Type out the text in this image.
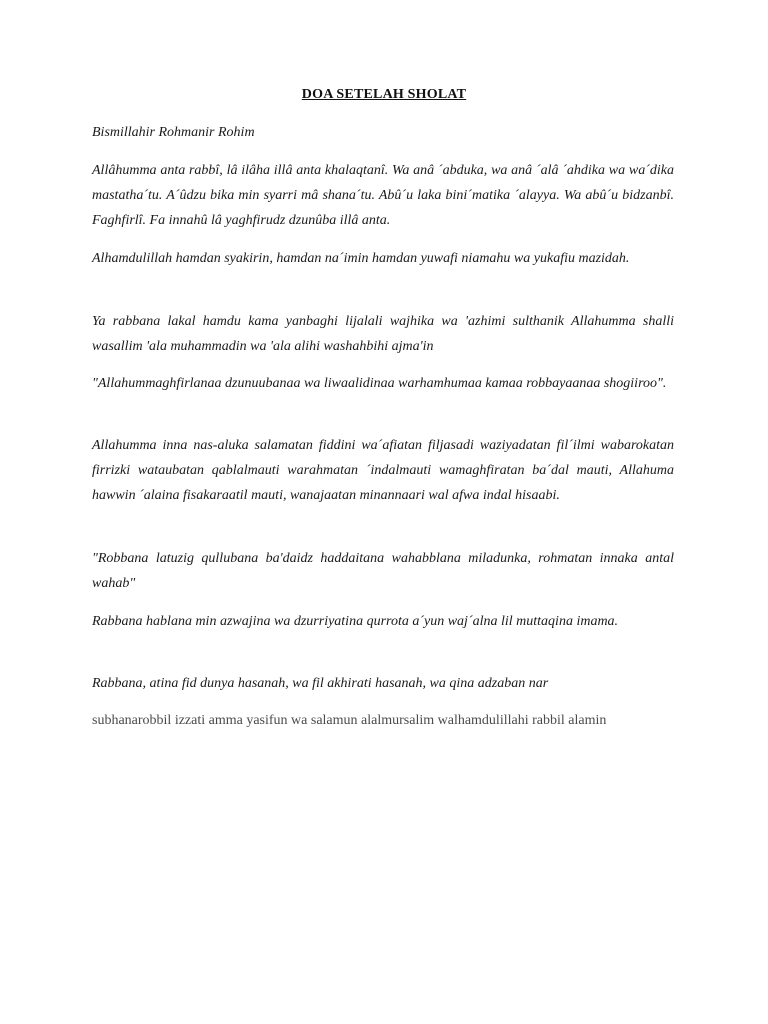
DOA SETELAH SHOLAT

Bismillahir Rohmanir Rohim

Allâhumma anta rabbî, lâ ilâha illâ anta khalaqtanî. Wa anâ ´abduka, wa anâ ´alâ ´ahdika wa wa´dika mastatha´tu. A´ûdzu bika min syarri mâ shana´tu. Abû´u laka bini´matika ´alayya. Wa abû´u bidzanbî. Faghfirlî. Fa innahû lâ yaghfirudz dzunûba illâ anta.

Alhamdulillah hamdan syakirin, hamdan na´imin hamdan yuwafi niamahu wa yukafiu mazidah.

Ya rabbana lakal hamdu kama yanbaghi lijalali wajhika wa 'azhimi sulthanik Allahumma shalli wasallim 'ala muhammadin wa 'ala alihi washahbihi ajma'in

"Allahummaghfirlanaa dzunuubanaa wa liwaalidinaa warhamhumaa kamaa robbayaanaa shogiiroo".

Allahumma inna nas-aluka salamatan fiddini wa´afiatan filjasadi waziyadatan fil´ilmi wabarokatan firrizki wataubatan qablalmauti warahmatan ´indalmauti wamaghfiratan ba´dal mauti, Allahuma hawwin ´alaina fisakaraatil mauti, wanajaatan minannaari wal afwa indal hisaabi.

"Robbana latuzig qullubana ba'daidz haddaitana wahabblana miladunka, rohmatan innaka antal wahab"

Rabbana hablana min azwajina wa dzurriyatina qurrota a´yun waj´alna lil muttaqina imama.

Rabbana, atina fid dunya hasanah, wa fil akhirati hasanah, wa qina adzaban nar

subhanarobbil izzati amma yasifun wa salamun alalmursalim walhamdulillahi rabbil alamin
